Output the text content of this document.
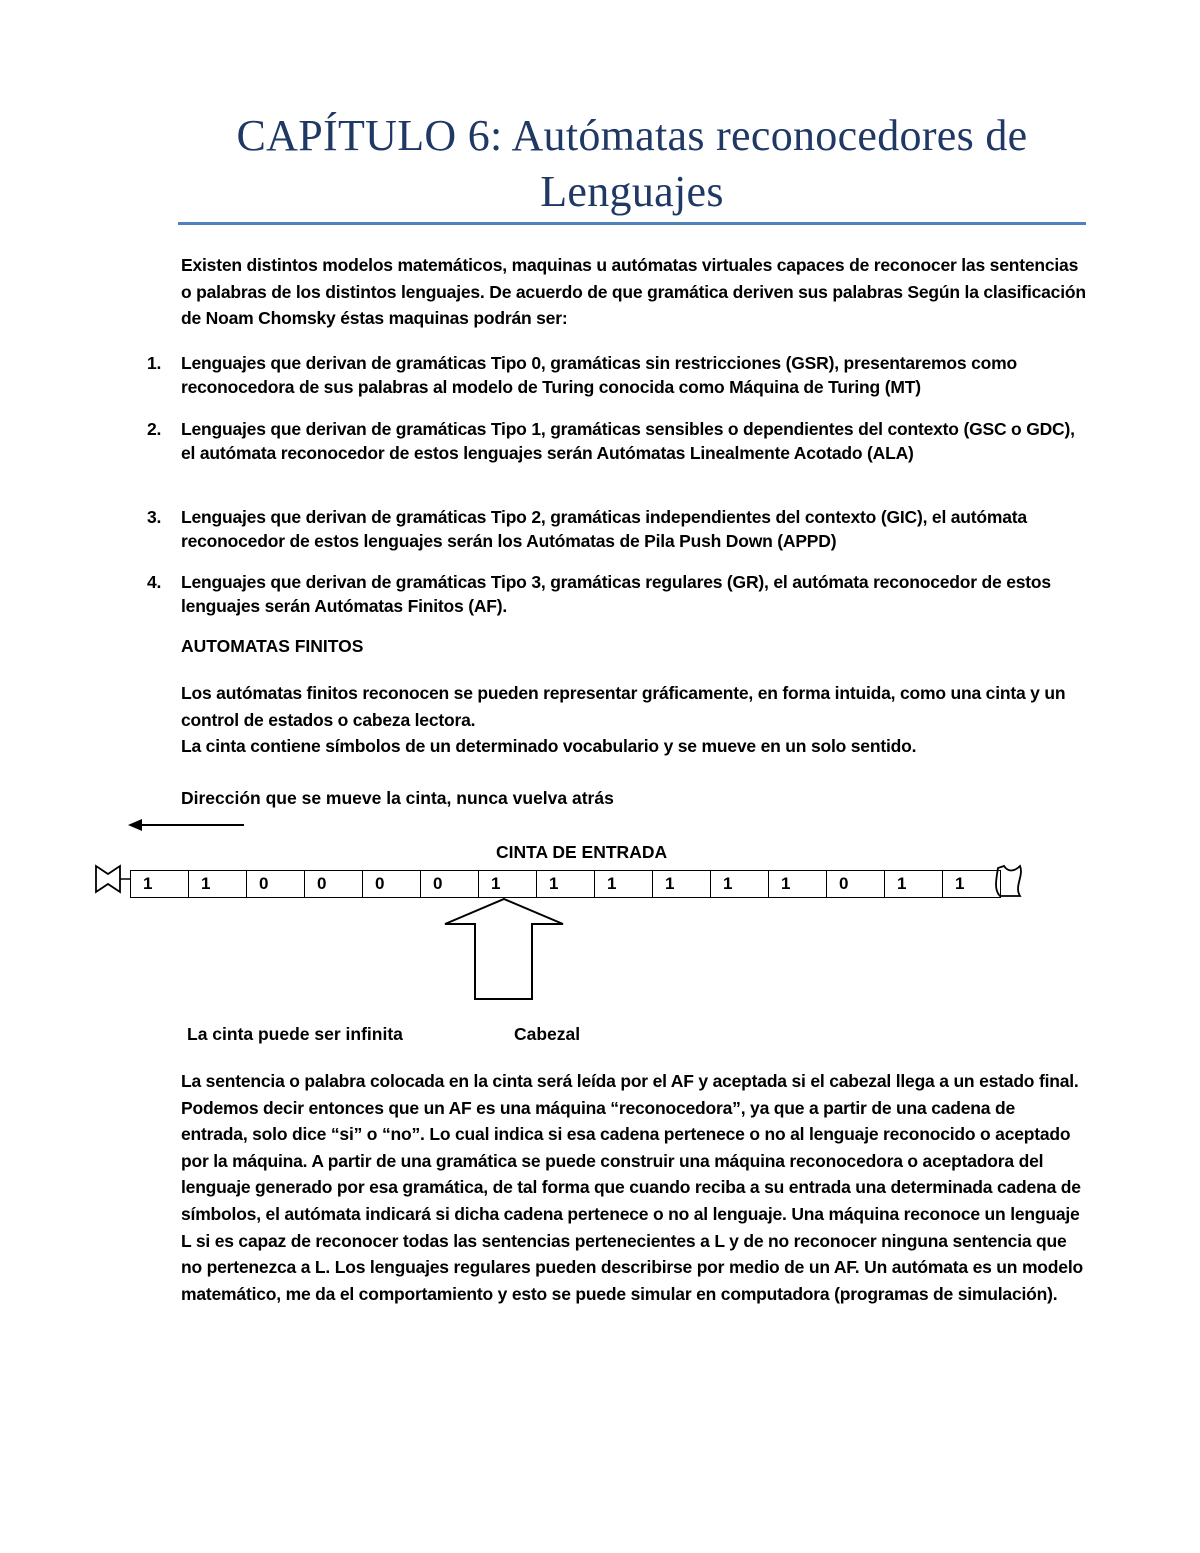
CAPÍTULO 6: Autómatas reconocedores de
Lenguajes
Existen distintos modelos matemáticos, maquinas u autómatas virtuales capaces de reconocer las sentencias o palabras de los distintos lenguajes. De acuerdo de que gramática deriven sus palabras Según la clasificación de Noam Chomsky éstas maquinas podrán ser:
1. Lenguajes que derivan de gramáticas Tipo 0, gramáticas sin restricciones (GSR), presentaremos como reconocedora de sus palabras al modelo de Turing conocida como Máquina de Turing (MT)
2. Lenguajes que derivan de gramáticas Tipo 1, gramáticas sensibles o dependientes del contexto (GSC o GDC), el autómata reconocedor de estos lenguajes serán Autómatas Linealmente Acotado (ALA)
3. Lenguajes que derivan de gramáticas Tipo 2, gramáticas independientes del contexto (GIC), el autómata reconocedor de estos lenguajes serán los Autómatas de Pila Push Down (APPD)
4. Lenguajes que derivan de gramáticas Tipo 3, gramáticas regulares (GR), el autómata reconocedor de estos lenguajes serán Autómatas Finitos (AF).
AUTOMATAS FINITOS
Los autómatas finitos reconocen se pueden representar gráficamente, en forma intuida, como una cinta y un control de estados o cabeza lectora.
La cinta contiene símbolos de un determinado vocabulario y se mueve en un solo sentido.
Dirección que se mueve la cinta, nunca vuelva atrás
CINTA DE ENTRADA
1	1	0	0	0	0	1	1	1	1	1	1	0	1	1
La cinta puede ser infinita	Cabezal

La sentencia o palabra colocada en la cinta será leída por el AF y aceptada si el cabezal llega a un estado final.

Podemos decir entonces que un AF es una máquina “reconocedora”, ya que a partir de una cadena de entrada, solo dice “si” o “no”. Lo cual indica si esa cadena pertenece o no al lenguaje reconocido o aceptado por la máquina. A partir de una gramática se puede construir una máquina reconocedora o aceptadora del lenguaje generado por esa gramática, de tal forma que cuando reciba a su entrada una determinada cadena de símbolos, el autómata indicará si dicha cadena pertenece o no al lenguaje. Una máquina reconoce un lenguaje L si es capaz de reconocer todas las sentencias pertenecientes a L y de no reconocer ninguna sentencia que no pertenezca a L. Los lenguajes regulares pueden describirse por medio de un AF. Un autómata es un modelo matemático, me da el comportamiento y esto se puede simular en computadora (programas de simulación).
